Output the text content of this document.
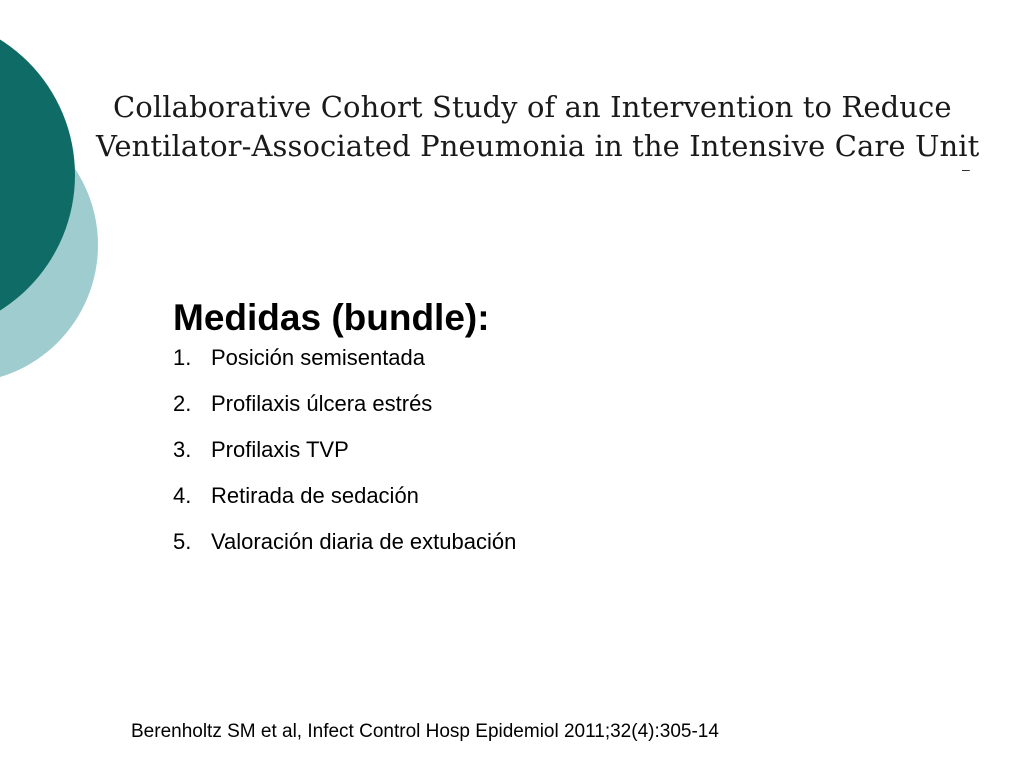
Collaborative Cohort Study of an Intervention to Reduce
Ventilator-Associated Pneumonia in the Intensive Care Unit
–
Medidas (bundle):
1. Posición semisentada
2. Profilaxis úlcera estrés
3. Profilaxis TVP
4. Retirada de sedación
5. Valoración diaria de extubación
Berenholtz SM et al, Infect Control Hosp Epidemiol 2011;32(4):305-14
